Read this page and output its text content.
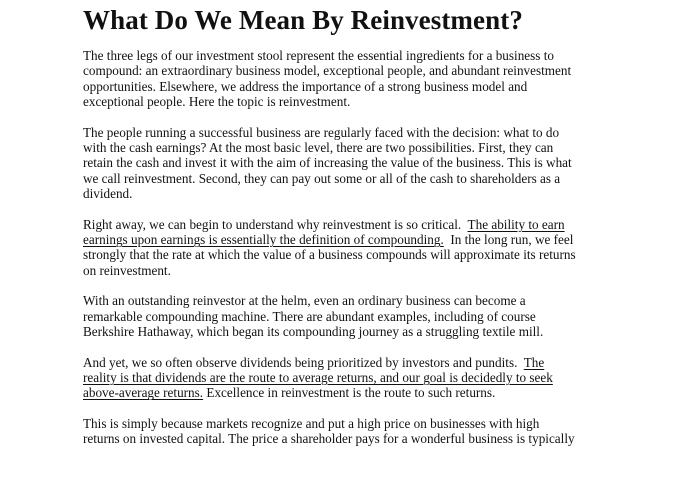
What Do We Mean By Reinvestment?
The three legs of our investment stool represent the essential ingredients for a business to
compound: an extraordinary business model, exceptional people, and abundant reinvestment
opportunities. Elsewhere, we address the importance of a strong business model and
exceptional people. Here the topic is reinvestment.
The people running a successful business are regularly faced with the decision: what to do
with the cash earnings? At the most basic level, there are two possibilities. First, they can
retain the cash and invest it with the aim of increasing the value of the business. This is what
we call reinvestment. Second, they can pay out some or all of the cash to shareholders as a
dividend.
Right away, we can begin to understand why reinvestment is so critical.  The ability to earn
earnings upon earnings is essentially the definition of compounding.  In the long run, we feel
strongly that the rate at which the value of a business compounds will approximate its returns
on reinvestment.
With an outstanding reinvestor at the helm, even an ordinary business can become a
remarkable compounding machine. There are abundant examples, including of course
Berkshire Hathaway, which began its compounding journey as a struggling textile mill.
And yet, we so often observe dividends being prioritized by investors and pundits.  The
reality is that dividends are the route to average returns, and our goal is decidedly to seek
above-average returns. Excellence in reinvestment is the route to such returns.
This is simply because markets recognize and put a high price on businesses with high
returns on invested capital. The price a shareholder pays for a wonderful business is typically
